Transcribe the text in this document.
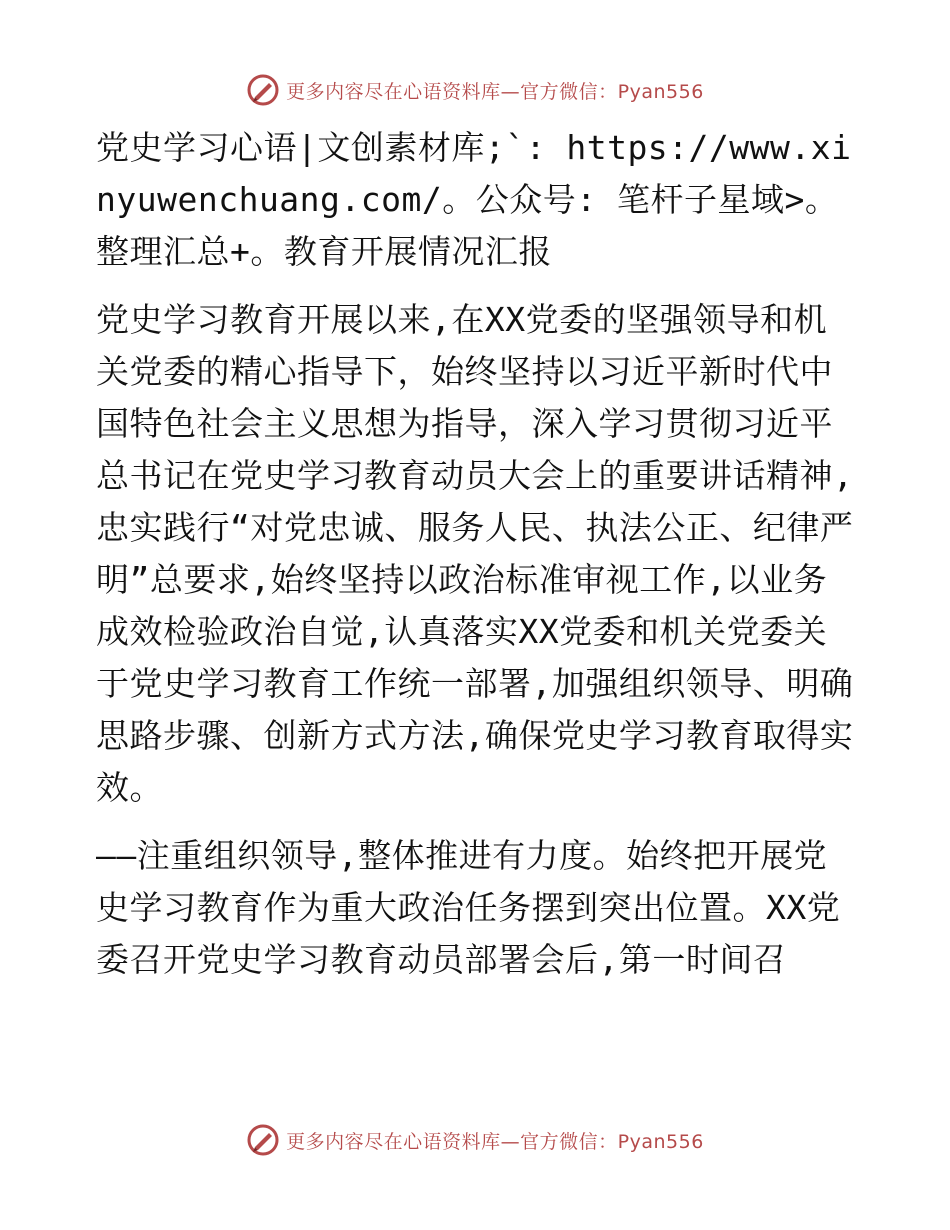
更多内容尽在心语资料库—官方微信：Pyan556

党史学习心语|文创素材库;`: https://www.xinyuwenchuang.com/。公众号: 笔杆子星域>。整理汇总+。教育开展情况汇报

党史学习教育开展以来,在XX党委的坚强领导和机关党委的精心指导下，始终坚持以习近平新时代中国特色社会主义思想为指导，深入学习贯彻习近平总书记在党史学习教育动员大会上的重要讲话精神,忠实践行“对党忠诚、服务人民、执法公正、纪律严明”总要求,始终坚持以政治标准审视工作,以业务成效检验政治自觉,认真落实XX党委和机关党委关于党史学习教育工作统一部署,加强组织领导、明确思路步骤、创新方式方法,确保党史学习教育取得实效。

——注重组织领导,整体推进有力度。始终把开展党史学习教育作为重大政治任务摆到突出位置。XX党委召开党史学习教育动员部署会后,第一时间召

更多内容尽在心语资料库—官方微信：Pyan556
